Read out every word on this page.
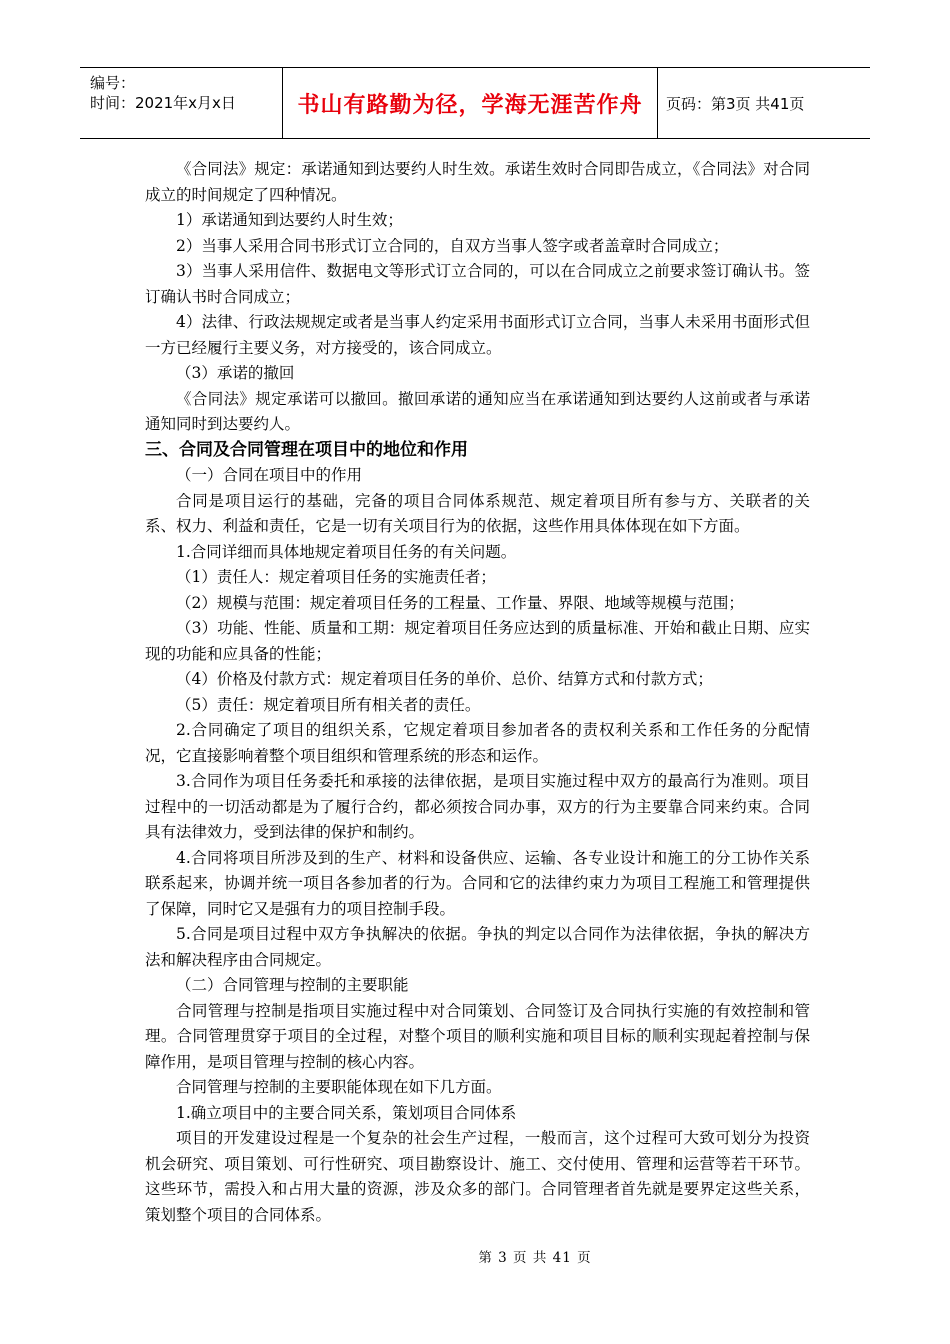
编号：
时间：2021年x月x日	书山有路勤为径，学海无涯苦作舟 页码：第3页 共41页

《合同法》规定：承诺通知到达要约人时生效。承诺生效时合同即告成立，《合同法》对合同成立的时间规定了四种情况。

1）承诺通知到达要约人时生效；

2）当事人采用合同书形式订立合同的，自双方当事人签字或者盖章时合同成立；

3）当事人采用信件、数据电文等形式订立合同的，可以在合同成立之前要求签订确认书。签订确认书时合同成立；

4）法律、行政法规规定或者是当事人约定采用书面形式订立合同，当事人未采用书面形式但一方已经履行主要义务，对方接受的，该合同成立。

（3）承诺的撤回

《合同法》规定承诺可以撤回。撤回承诺的通知应当在承诺通知到达要约人这前或者与承诺通知同时到达要约人。

三、合同及合同管理在项目中的地位和作用

（一）合同在项目中的作用

合同是项目运行的基础，完备的项目合同体系规范、规定着项目所有参与方、关联者的关系、权力、利益和责任，它是一切有关项目行为的依据，这些作用具体体现在如下方面。

1.合同详细而具体地规定着项目任务的有关问题。

（1）责任人：规定着项目任务的实施责任者；

（2）规模与范围：规定着项目任务的工程量、工作量、界限、地域等规模与范围；

（3）功能、性能、质量和工期：规定着项目任务应达到的质量标准、开始和截止日期、应实现的功能和应具备的性能；

（4）价格及付款方式：规定着项目任务的单价、总价、结算方式和付款方式；

（5）责任：规定着项目所有相关者的责任。

2.合同确定了项目的组织关系，它规定着项目参加者各的责权利关系和工作任务的分配情况，它直接影响着整个项目组织和管理系统的形态和运作。

3.合同作为项目任务委托和承接的法律依据，是项目实施过程中双方的最高行为准则。项目过程中的一切活动都是为了履行合约，都必须按合同办事，双方的行为主要靠合同来约束。合同具有法律效力，受到法律的保护和制约。

4.合同将项目所涉及到的生产、材料和设备供应、运输、各专业设计和施工的分工协作关系联系起来，协调并统一项目各参加者的行为。合同和它的法律约束力为项目工程施工和管理提供了保障，同时它又是强有力的项目控制手段。

5.合同是项目过程中双方争执解决的依据。争执的判定以合同作为法律依据，争执的解决方法和解决程序由合同规定。

（二）合同管理与控制的主要职能

合同管理与控制是指项目实施过程中对合同策划、合同签订及合同执行实施的有效控制和管理。合同管理贯穿于项目的全过程，对整个项目的顺利实施和项目目标的顺利实现起着控制与保障作用，是项目管理与控制的核心内容。

合同管理与控制的主要职能体现在如下几方面。

1.确立项目中的主要合同关系，策划项目合同体系

项目的开发建设过程是一个复杂的社会生产过程，一般而言，这个过程可大致可划分为投资机会研究、项目策划、可行性研究、项目勘察设计、施工、交付使用、管理和运营等若干环节。这些环节，需投入和占用大量的资源，涉及众多的部门。合同管理者首先就是要界定这些关系，策划整个项目的合同体系。

第 3 页 共 41 页
